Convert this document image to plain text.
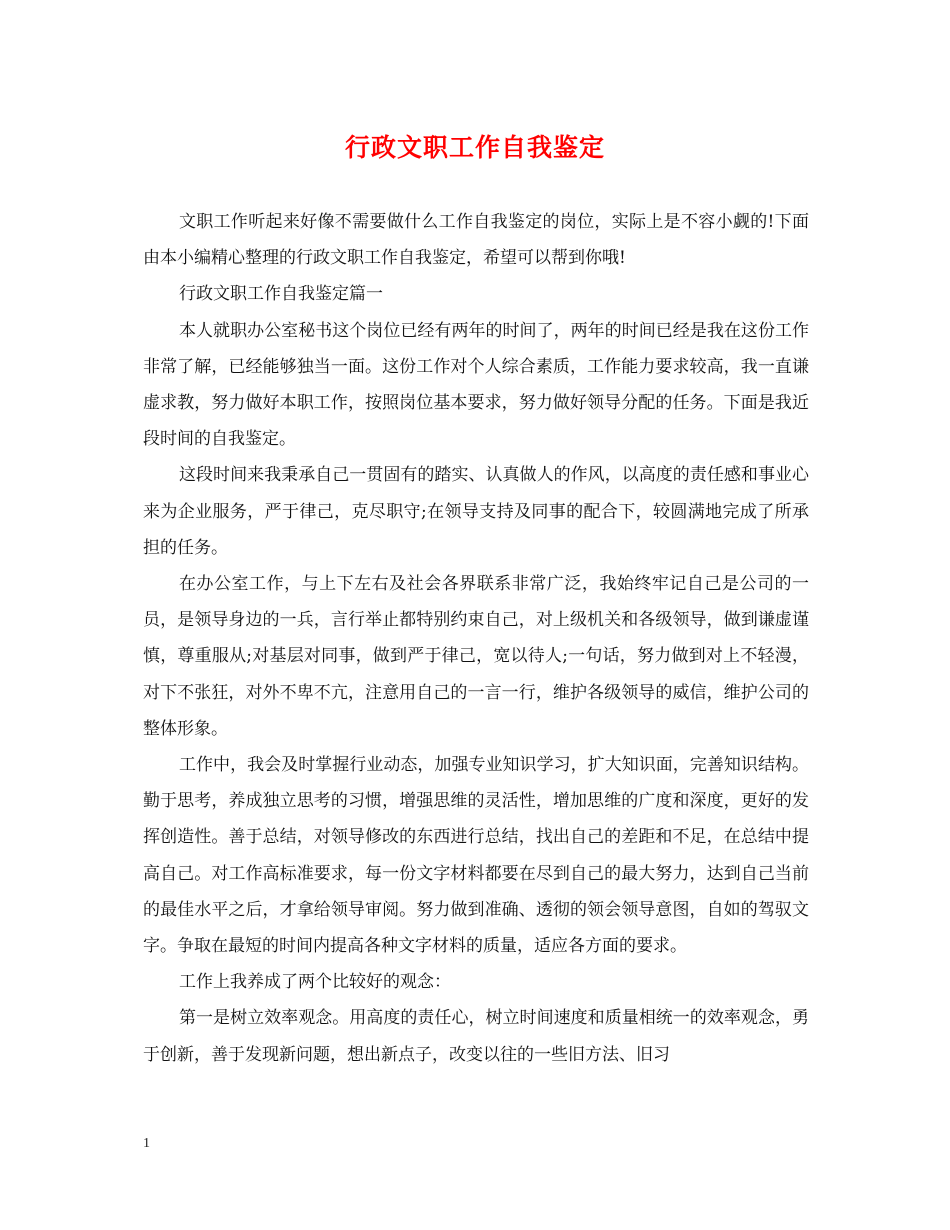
行政文职工作自我鉴定

文职工作听起来好像不需要做什么工作自我鉴定的岗位，实际上是不容小觑的!下面由本小编精心整理的行政文职工作自我鉴定，希望可以帮到你哦!

行政文职工作自我鉴定篇一

本人就职办公室秘书这个岗位已经有两年的时间了，两年的时间已经是我在这份工作非常了解，已经能够独当一面。这份工作对个人综合素质，工作能力要求较高，我一直谦虚求教，努力做好本职工作，按照岗位基本要求，努力做好领导分配的任务。下面是我近段时间的自我鉴定。

这段时间来我秉承自己一贯固有的踏实、认真做人的作风，以高度的责任感和事业心来为企业服务，严于律己，克尽职守;在领导支持及同事的配合下，较圆满地完成了所承担的任务。

在办公室工作，与上下左右及社会各界联系非常广泛，我始终牢记自己是公司的一员，是领导身边的一兵，言行举止都特别约束自己，对上级机关和各级领导，做到谦虚谨慎，尊重服从;对基层对同事，做到严于律己，宽以待人;一句话，努力做到对上不轻漫，对下不张狂，对外不卑不亢，注意用自己的一言一行，维护各级领导的威信，维护公司的整体形象。

工作中，我会及时掌握行业动态，加强专业知识学习，扩大知识面，完善知识结构。勤于思考，养成独立思考的习惯，增强思维的灵活性，增加思维的广度和深度，更好的发挥创造性。善于总结，对领导修改的东西进行总结，找出自己的差距和不足，在总结中提高自己。对工作高标准要求，每一份文字材料都要在尽到自己的最大努力，达到自己当前的最佳水平之后，才拿给领导审阅。努力做到准确、透彻的领会领导意图，自如的驾驭文字。争取在最短的时间内提高各种文字材料的质量，适应各方面的要求。

工作上我养成了两个比较好的观念：

第一是树立效率观念。用高度的责任心，树立时间速度和质量相统一的效率观念，勇于创新，善于发现新问题，想出新点子，改变以往的一些旧方法、旧习

1
